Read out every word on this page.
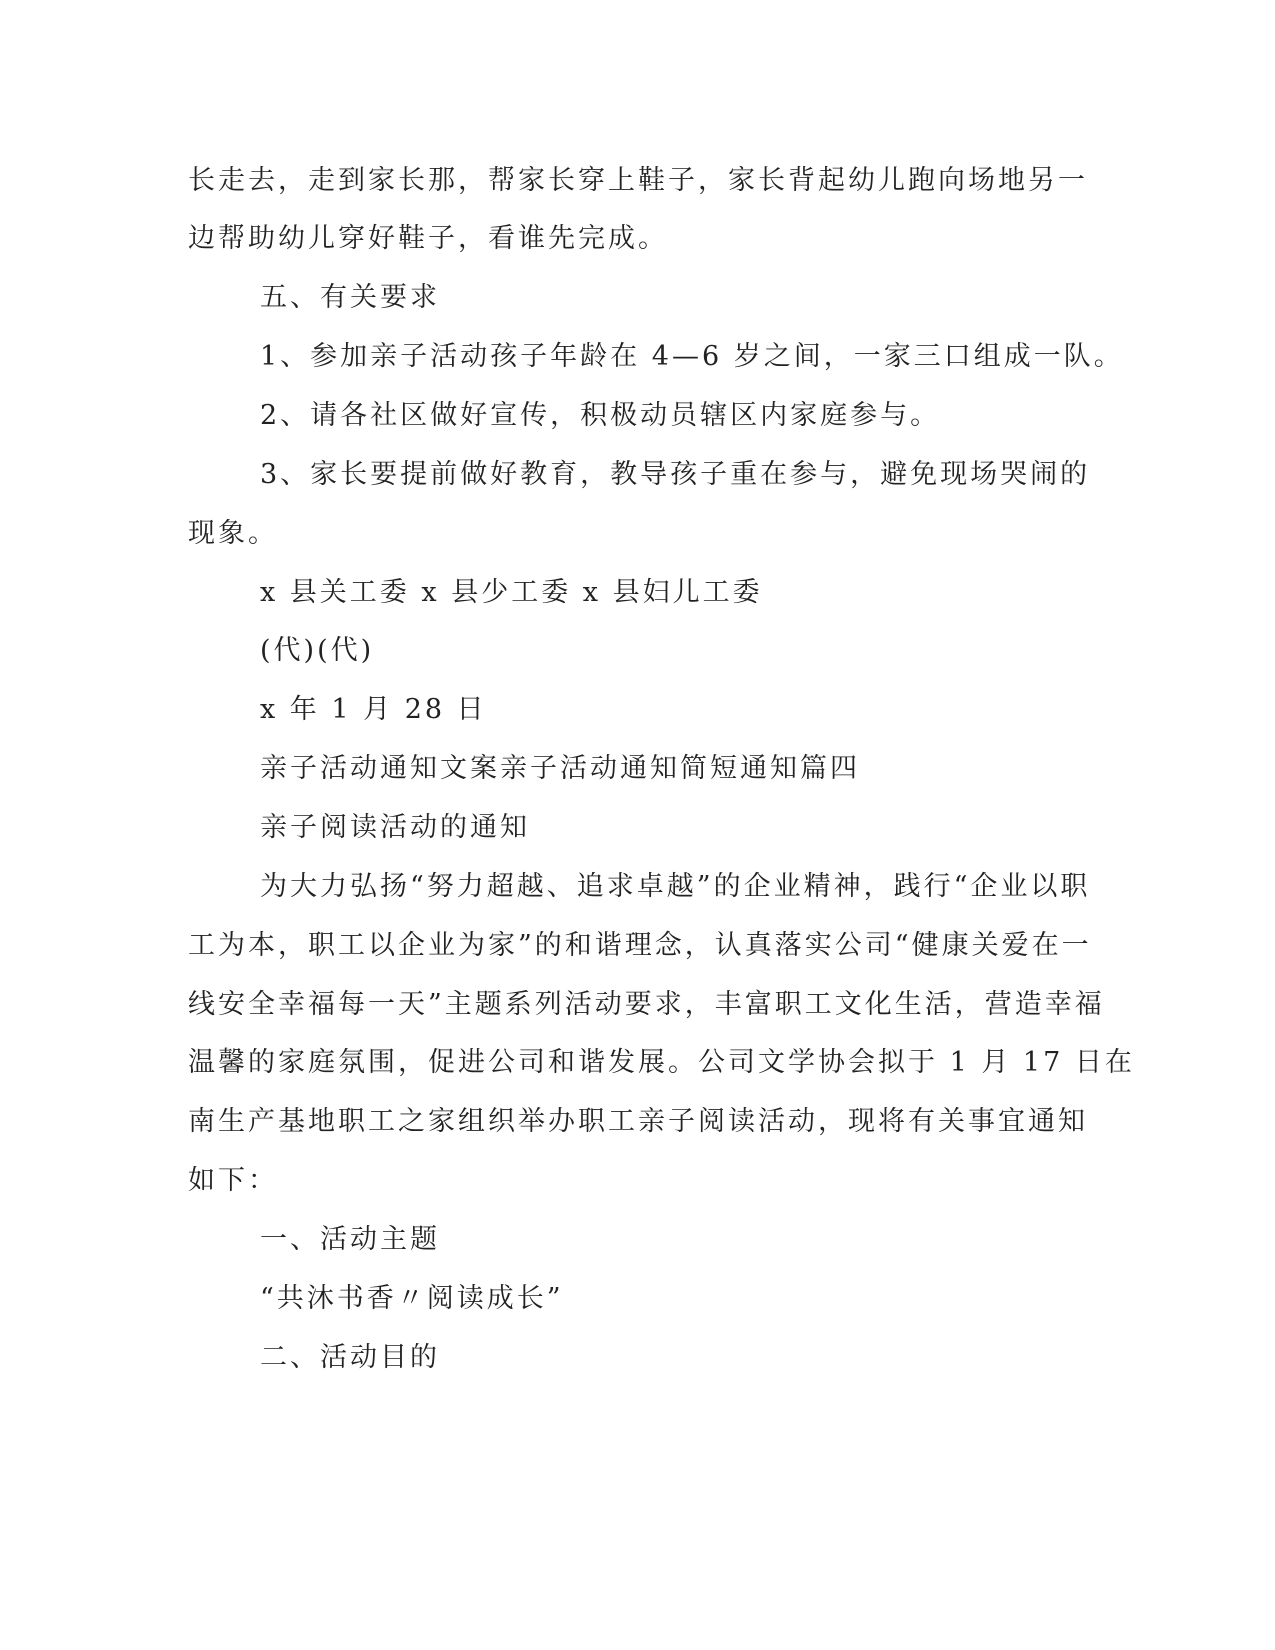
长走去，走到家长那，帮家长穿上鞋子，家长背起幼儿跑向场地另一
边帮助幼儿穿好鞋子，看谁先完成。
五、有关要求
1、参加亲子活动孩子年龄在 4—6 岁之间，一家三口组成一队。
2、请各社区做好宣传，积极动员辖区内家庭参与。
3、家长要提前做好教育，教导孩子重在参与，避免现场哭闹的
现象。
x 县关工委 x 县少工委 x 县妇儿工委
(代)(代)
x 年 1 月 28 日
亲子活动通知文案亲子活动通知简短通知篇四
亲子阅读活动的通知
为大力弘扬“努力超越、追求卓越”的企业精神，践行“企业以职
工为本，职工以企业为家”的和谐理念，认真落实公司“健康关爱在一
线安全幸福每一天”主题系列活动要求，丰富职工文化生活，营造幸福
温馨的家庭氛围，促进公司和谐发展。公司文学协会拟于 1 月 17 日在
南生产基地职工之家组织举办职工亲子阅读活动，现将有关事宜通知
如下：
一、活动主题
“共沐书香〃阅读成长”
二、活动目的
